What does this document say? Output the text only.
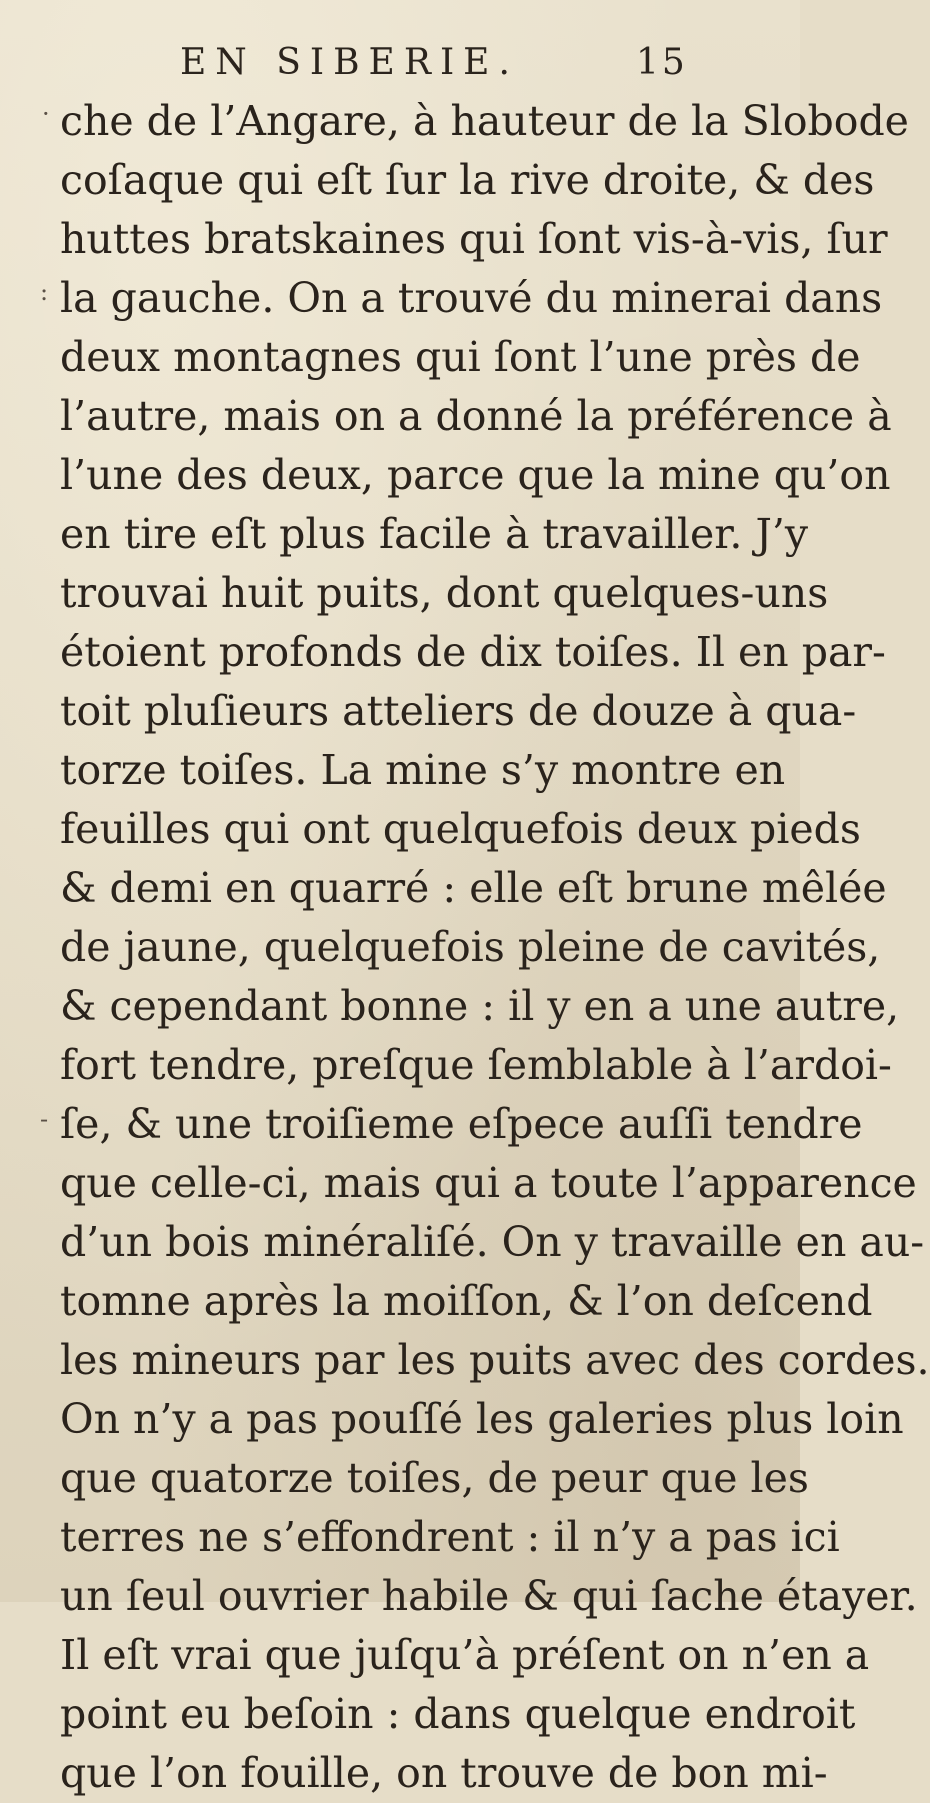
EN SIBERIE.	15
·
:
-
che de l’Angare, à hauteur de la Slobode
coſaque qui eſt ſur la rive droite, & des
huttes bratskaines qui ſont vis-à-vis, ſur
la gauche. On a trouvé du minerai dans
deux montagnes qui ſont l’une près de
l’autre, mais on a donné la préférence à
l’une des deux, parce que la mine qu’on
en tire eſt plus facile à travailler. J’y
trouvai huit puits, dont quelques-uns
étoient profonds de dix toiſes. Il en par-
toit pluſieurs atteliers de douze à qua-
torze toiſes. La mine s’y montre en
feuilles qui ont quelquefois deux pieds
& demi en quarré : elle eſt brune mêlée
de jaune, quelquefois pleine de cavités,
& cependant bonne : il y en a une autre,
fort tendre, preſque ſemblable à l’ardoi-
ſe, & une troiſieme eſpece auſſi tendre
que celle-ci, mais qui a toute l’apparence
d’un bois minéraliſé. On y travaille en au-
tomne après la moiſſon, & l’on deſcend
les mineurs par les puits avec des cordes.
On n’y a pas pouſſé les galeries plus loin
que quatorze toiſes, de peur que les
terres ne s’effondrent : il n’y a pas ici
un ſeul ouvrier habile & qui ſache étayer.
Il eſt vrai que juſqu’à préſent on n’en a
point eu beſoin : dans quelque endroit
que l’on fouille, on trouve de bon mi-
